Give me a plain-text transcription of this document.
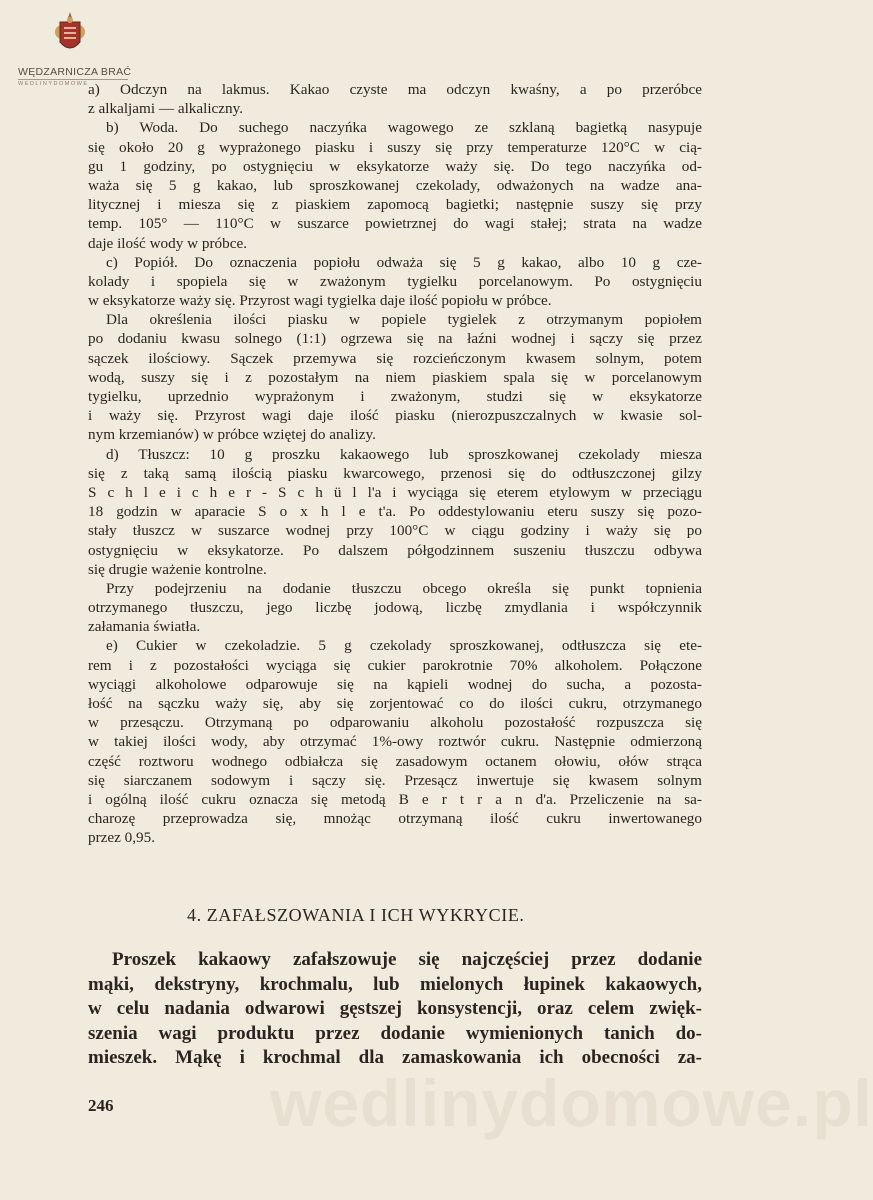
WĘDZARNICZA BRAĆ
WEDLINYDOMOWE
wedlinydomowe.pl
a) Odczyn na lakmus. Kakao czyste ma odczyn kwaśny, a po przeróbce
z alkaljami — alkaliczny.
b) Woda. Do suchego naczyńka wagowego ze szklaną bagietką nasypuje
się około 20 g wyprażonego piasku i suszy się przy temperaturze 120°C w cią-
gu 1 godziny, po ostygnięciu w eksykatorze waży się. Do tego naczyńka od-
waża się 5 g kakao, lub sproszkowanej czekolady, odważonych na wadze ana-
litycznej i miesza się z piaskiem zapomocą bagietki; następnie suszy się przy
temp. 105° — 110°C w suszarce powietrznej do wagi stałej; strata na wadze
daje ilość wody w próbce.
c) Popiół. Do oznaczenia popiołu odważa się 5 g kakao, albo 10 g cze-
kolady i spopiela się w zważonym tygielku porcelanowym. Po ostygnięciu
w eksykatorze waży się. Przyrost wagi tygielka daje ilość popiołu w próbce.
Dla określenia ilości piasku w popiele tygielek z otrzymanym popiołem
po dodaniu kwasu solnego (1:1) ogrzewa się na łaźni wodnej i sączy się przez
sączek ilościowy. Sączek przemywa się rozcieńczonym kwasem solnym, potem
wodą, suszy się i z pozostałym na niem piaskiem spala się w porcelanowym
tygielku, uprzednio wyprażonym i zważonym, studzi się w eksykatorze
i waży się. Przyrost wagi daje ilość piasku (nierozpuszczalnych w kwasie sol-
nym krzemianów) w próbce wziętej do analizy.
d) Tłuszcz: 10 g proszku kakaowego lub sproszkowanej czekolady miesza
się z taką samą ilością piasku kwarcowego, przenosi się do odtłuszczonej gilzy
S c h l e i c h e r - S c h ü l l'a i wyciąga się eterem etylowym w przeciągu
18 godzin w aparacie S o x h l e t'a. Po oddestylowaniu eteru suszy się pozo-
stały tłuszcz w suszarce wodnej przy 100°C w ciągu godziny i waży się po
ostygnięciu w eksykatorze. Po dalszem półgodzinnem suszeniu tłuszczu odbywa
się drugie ważenie kontrolne.
Przy podejrzeniu na dodanie tłuszczu obcego określa się punkt topnienia
otrzymanego tłuszczu, jego liczbę jodową, liczbę zmydlania i współczynnik
załamania światła.
e) Cukier w czekoladzie. 5 g czekolady sproszkowanej, odtłuszcza się ete-
rem i z pozostałości wyciąga się cukier parokrotnie 70% alkoholem. Połączone
wyciągi alkoholowe odparowuje się na kąpieli wodnej do sucha, a pozosta-
łość na sączku waży się, aby się zorjentować co do ilości cukru, otrzymanego
w przesączu. Otrzymaną po odparowaniu alkoholu pozostałość rozpuszcza się
w takiej ilości wody, aby otrzymać 1%-owy roztwór cukru. Następnie odmierzoną
część roztworu wodnego odbiałcza się zasadowym octanem ołowiu, ołów strąca
się siarczanem sodowym i sączy się. Przesącz inwertuje się kwasem solnym
i ogólną ilość cukru oznacza się metodą B e r t r a n d'a. Przeliczenie na sa-
charozę przeprowadza się, mnożąc otrzymaną ilość cukru inwertowanego
przez 0,95.
4. ZAFAŁSZOWANIA I ICH WYKRYCIE.
Proszek kakaowy zafałszowuje się najczęściej przez dodanie
mąki, dekstryny, krochmalu, lub mielonych łupinek kakaowych,
w celu nadania odwarowi gęstszej konsystencji, oraz celem zwięk-
szenia wagi produktu przez dodanie wymienionych tanich do-
mieszek. Mąkę i krochmal dla zamaskowania ich obecności za-
246
